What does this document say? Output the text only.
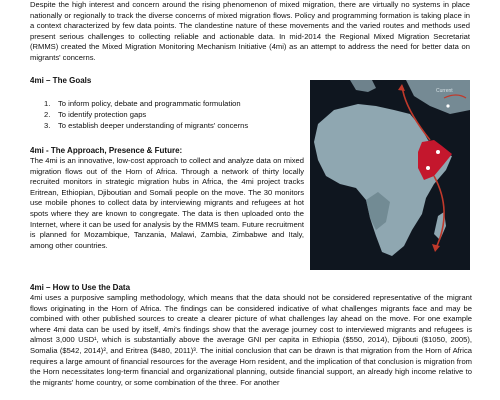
Despite the high interest and concern around the rising phenomenon of mixed migration, there are virtually no systems in place nationally or regionally to track the diverse concerns of mixed migration flows. Policy and programming formation is taking place in a context characterized by few data points. The clandestine nature of these movements and the varied routes and methods used present serious challenges to collecting reliable and actionable data. In mid-2014 the Regional Mixed Migration Secretariat (RMMS) created the Mixed Migration Monitoring Mechanism Initiative (4mi) as an attempt to address the need for better data on migrants' concerns.

4mi – The Goals
1. To inform policy, debate and programmatic formulation
2. To identify protection gaps
3. To establish deeper understanding of migrants' concerns
4mi - The Approach, Presence & Future:

The 4mi is an innovative, low-cost approach to collect and analyze data on mixed migration flows out of the Horn of Africa. Through a network of thirty locally recruited monitors in strategic migration hubs in Africa, the 4mi project tracks Eritrean, Ethiopian, Djiboutian and Somali people on the move. The 30 monitors use mobile phones to collect data by interviewing migrants and refugees at hot spots where they are known to congregate. The data is then uploaded onto the Internet, where it can be used for analysis by the RMMS team. Future recruitment is planned for Mozambique, Tanzania, Malawi, Zambia, Zimbabwe and Italy, among other countries.

Current
4mi – How to Use the Data

4mi uses a purposive sampling methodology, which means that the data should not be considered representative of the migrant flows originating in the Horn of Africa. The findings can be considered indicative of what challenges migrants face and may be combined with other published sources to create a clearer picture of what challenges lay ahead on the move. For one example where 4mi data can be used by itself, 4mi's findings show that the average journey cost to interviewed migrants and refugees is almost 3,000 USD¹, which is substantially above the average GNI per capita in Ethiopia ($550, 2014), Djibouti ($1050, 2005), Somalia ($542, 2014)², and Eritrea ($480, 2011)³. The initial conclusion that can be drawn is that migration from the Horn of Africa requires a large amount of financial resources for the average Horn resident, and the implication of that conclusion is migration from the Horn necessitates long-term financial and organizational planning, outside financial support, an already high income relative to the migrants' home country, or some combination of the three. For another
